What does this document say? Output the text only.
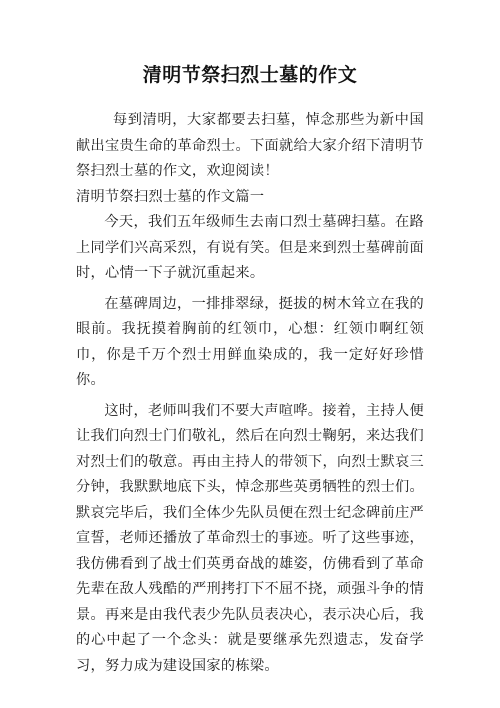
清明节祭扫烈士墓的作文

每到清明，大家都要去扫墓，悼念那些为新中国献出宝贵生命的革命烈士。下面就给大家介绍下清明节祭扫烈士墓的作文，欢迎阅读！

清明节祭扫烈士墓的作文篇一

今天，我们五年级师生去南口烈士墓碑扫墓。在路上同学们兴高采烈，有说有笑。但是来到烈士墓碑前面时，心情一下子就沉重起来。

在墓碑周边，一排排翠绿，挺拔的树木耸立在我的眼前。我抚摸着胸前的红领巾，心想：红领巾啊红领巾，你是千万个烈士用鲜血染成的，我一定好好珍惜你。

这时，老师叫我们不要大声喧哗。接着，主持人便让我们向烈士门们敬礼，然后在向烈士鞠躬，来达我们对烈士们的敬意。再由主持人的带领下，向烈士默哀三分钟，我默默地底下头，悼念那些英勇牺牲的烈士们。默哀完毕后，我们全体少先队员便在烈士纪念碑前庄严宣誓，老师还播放了革命烈士的事迹。听了这些事迹，我仿佛看到了战士们英勇奋战的雄姿，仿佛看到了革命先辈在敌人残酷的严刑拷打下不屈不挠，顽强斗争的情景。再来是由我代表少先队员表决心，表示决心后，我的心中起了一个念头：就是要继承先烈遗志，发奋学习，努力成为建设国家的栋梁。
